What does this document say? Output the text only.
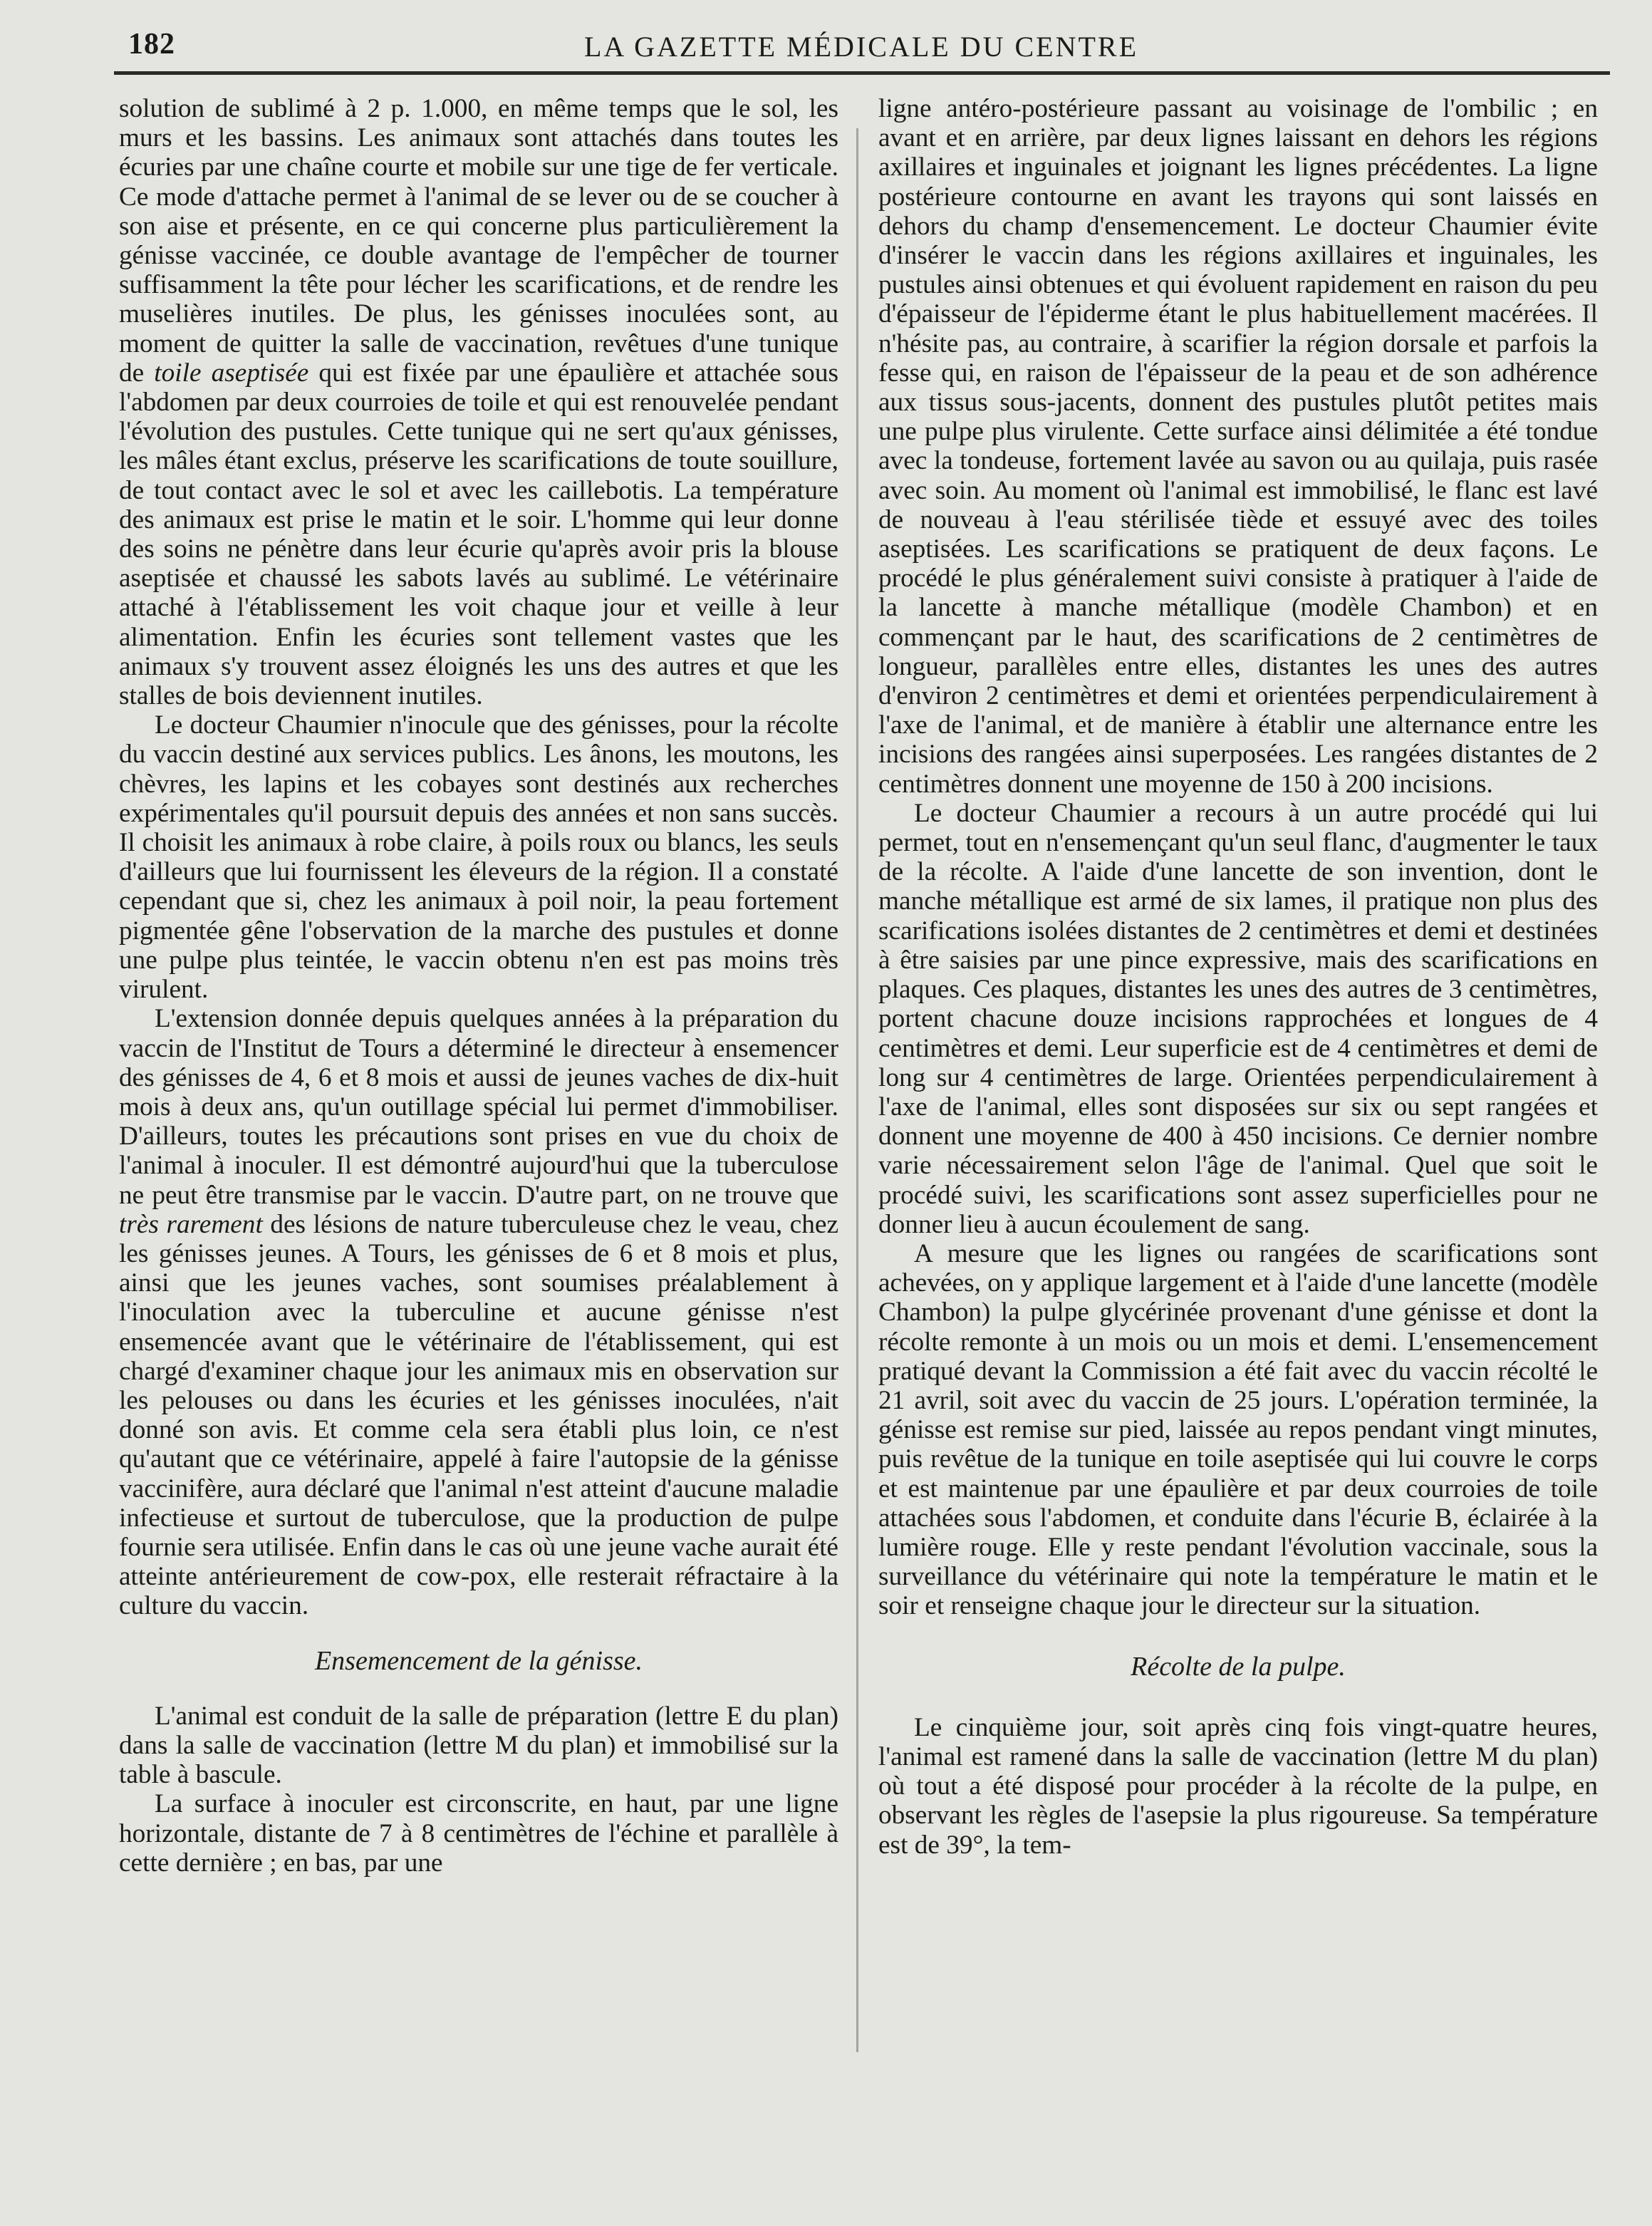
182	LA GAZETTE MÉDICALE DU CENTRE

solution de sublimé à 2 p. 1.000, en même temps que le sol, les murs et les bassins. Les animaux sont attachés dans toutes les écuries par une chaîne courte et mobile sur une tige de fer verticale. Ce mode d'attache permet à l'animal de se lever ou de se coucher à son aise et présente, en ce qui concerne plus particulièrement la génisse vaccinée, ce double avantage de l'empêcher de tourner suffisamment la tête pour lécher les scarifications, et de rendre les muselières inutiles. De plus, les génisses inoculées sont, au moment de quitter la salle de vaccination, revêtues d'une tunique de toile aseptisée qui est fixée par une épaulière et attachée sous l'abdomen par deux courroies de toile et qui est renouvelée pendant l'évolution des pustules. Cette tunique qui ne sert qu'aux génisses, les mâles étant exclus, préserve les scarifications de toute souillure, de tout contact avec le sol et avec les caillebotis. La température des animaux est prise le matin et le soir. L'homme qui leur donne des soins ne pénètre dans leur écurie qu'après avoir pris la blouse aseptisée et chaussé les sabots lavés au sublimé. Le vétérinaire attaché à l'établissement les voit chaque jour et veille à leur alimentation. Enfin les écuries sont tellement vastes que les animaux s'y trouvent assez éloignés les uns des autres et que les stalles de bois deviennent inutiles.

Le docteur Chaumier n'inocule que des génisses, pour la récolte du vaccin destiné aux services publics. Les ânons, les moutons, les chèvres, les lapins et les cobayes sont destinés aux recherches expérimentales qu'il poursuit depuis des années et non sans succès. Il choisit les animaux à robe claire, à poils roux ou blancs, les seuls d'ailleurs que lui fournissent les éleveurs de la région. Il a constaté cependant que si, chez les animaux à poil noir, la peau fortement pigmentée gêne l'observation de la marche des pustules et donne une pulpe plus teintée, le vaccin obtenu n'en est pas moins très virulent.

L'extension donnée depuis quelques années à la préparation du vaccin de l'Institut de Tours a déterminé le directeur à ensemencer des génisses de 4, 6 et 8 mois et aussi de jeunes vaches de dix-huit mois à deux ans, qu'un outillage spécial lui permet d'immobiliser. D'ailleurs, toutes les précautions sont prises en vue du choix de l'animal à inoculer. Il est démontré aujourd'hui que la tuberculose ne peut être transmise par le vaccin. D'autre part, on ne trouve que très rarement des lésions de nature tuberculeuse chez le veau, chez les génisses jeunes. A Tours, les génisses de 6 et 8 mois et plus, ainsi que les jeunes vaches, sont soumises préalablement à l'inoculation avec la tuberculine et aucune génisse n'est ensemencée avant que le vétérinaire de l'établissement, qui est chargé d'examiner chaque jour les animaux mis en observation sur les pelouses ou dans les écuries et les génisses inoculées, n'ait donné son avis. Et comme cela sera établi plus loin, ce n'est qu'autant que ce vétérinaire, appelé à faire l'autopsie de la génisse vaccinifère, aura déclaré que l'animal n'est atteint d'aucune maladie infectieuse et surtout de tuberculose, que la production de pulpe fournie sera utilisée. Enfin dans le cas où une jeune vache aurait été atteinte antérieurement de cow-pox, elle resterait réfractaire à la culture du vaccin.

Ensemencement de la génisse.

L'animal est conduit de la salle de préparation (lettre E du plan) dans la salle de vaccination (lettre M du plan) et immobilisé sur la table à bascule.

La surface à inoculer est circonscrite, en haut, par une ligne horizontale, distante de 7 à 8 centimètres de l'échine et parallèle à cette dernière ; en bas, par une

ligne antéro-postérieure passant au voisinage de l'ombilic ; en avant et en arrière, par deux lignes laissant en dehors les régions axillaires et inguinales et joignant les lignes précédentes. La ligne postérieure contourne en avant les trayons qui sont laissés en dehors du champ d'ensemencement. Le docteur Chaumier évite d'insérer le vaccin dans les régions axillaires et inguinales, les pustules ainsi obtenues et qui évoluent rapidement en raison du peu d'épaisseur de l'épiderme étant le plus habituellement macérées. Il n'hésite pas, au contraire, à scarifier la région dorsale et parfois la fesse qui, en raison de l'épaisseur de la peau et de son adhérence aux tissus sous-jacents, donnent des pustules plutôt petites mais une pulpe plus virulente. Cette surface ainsi délimitée a été tondue avec la tondeuse, fortement lavée au savon ou au quilaja, puis rasée avec soin. Au moment où l'animal est immobilisé, le flanc est lavé de nouveau à l'eau stérilisée tiède et essuyé avec des toiles aseptisées. Les scarifications se pratiquent de deux façons. Le procédé le plus généralement suivi consiste à pratiquer à l'aide de la lancette à manche métallique (modèle Chambon) et en commençant par le haut, des scarifications de 2 centimètres de longueur, parallèles entre elles, distantes les unes des autres d'environ 2 centimètres et demi et orientées perpendiculairement à l'axe de l'animal, et de manière à établir une alternance entre les incisions des rangées ainsi superposées. Les rangées distantes de 2 centimètres donnent une moyenne de 150 à 200 incisions.

Le docteur Chaumier a recours à un autre procédé qui lui permet, tout en n'ensemençant qu'un seul flanc, d'augmenter le taux de la récolte. A l'aide d'une lancette de son invention, dont le manche métallique est armé de six lames, il pratique non plus des scarifications isolées distantes de 2 centimètres et demi et destinées à être saisies par une pince expressive, mais des scarifications en plaques. Ces plaques, distantes les unes des autres de 3 centimètres, portent chacune douze incisions rapprochées et longues de 4 centimètres et demi. Leur superficie est de 4 centimètres et demi de long sur 4 centimètres de large. Orientées perpendiculairement à l'axe de l'animal, elles sont disposées sur six ou sept rangées et donnent une moyenne de 400 à 450 incisions. Ce dernier nombre varie nécessairement selon l'âge de l'animal. Quel que soit le procédé suivi, les scarifications sont assez superficielles pour ne donner lieu à aucun écoulement de sang.

A mesure que les lignes ou rangées de scarifications sont achevées, on y applique largement et à l'aide d'une lancette (modèle Chambon) la pulpe glycérinée provenant d'une génisse et dont la récolte remonte à un mois ou un mois et demi. L'ensemencement pratiqué devant la Commission a été fait avec du vaccin récolté le 21 avril, soit avec du vaccin de 25 jours. L'opération terminée, la génisse est remise sur pied, laissée au repos pendant vingt minutes, puis revêtue de la tunique en toile aseptisée qui lui couvre le corps et est maintenue par une épaulière et par deux courroies de toile attachées sous l'abdomen, et conduite dans l'écurie B, éclairée à la lumière rouge. Elle y reste pendant l'évolution vaccinale, sous la surveillance du vétérinaire qui note la température le matin et le soir et renseigne chaque jour le directeur sur la situation.

Récolte de la pulpe.

Le cinquième jour, soit après cinq fois vingt-quatre heures, l'animal est ramené dans la salle de vaccination (lettre M du plan) où tout a été disposé pour procéder à la récolte de la pulpe, en observant les règles de l'asepsie la plus rigoureuse. Sa température est de 39°, la tem-
